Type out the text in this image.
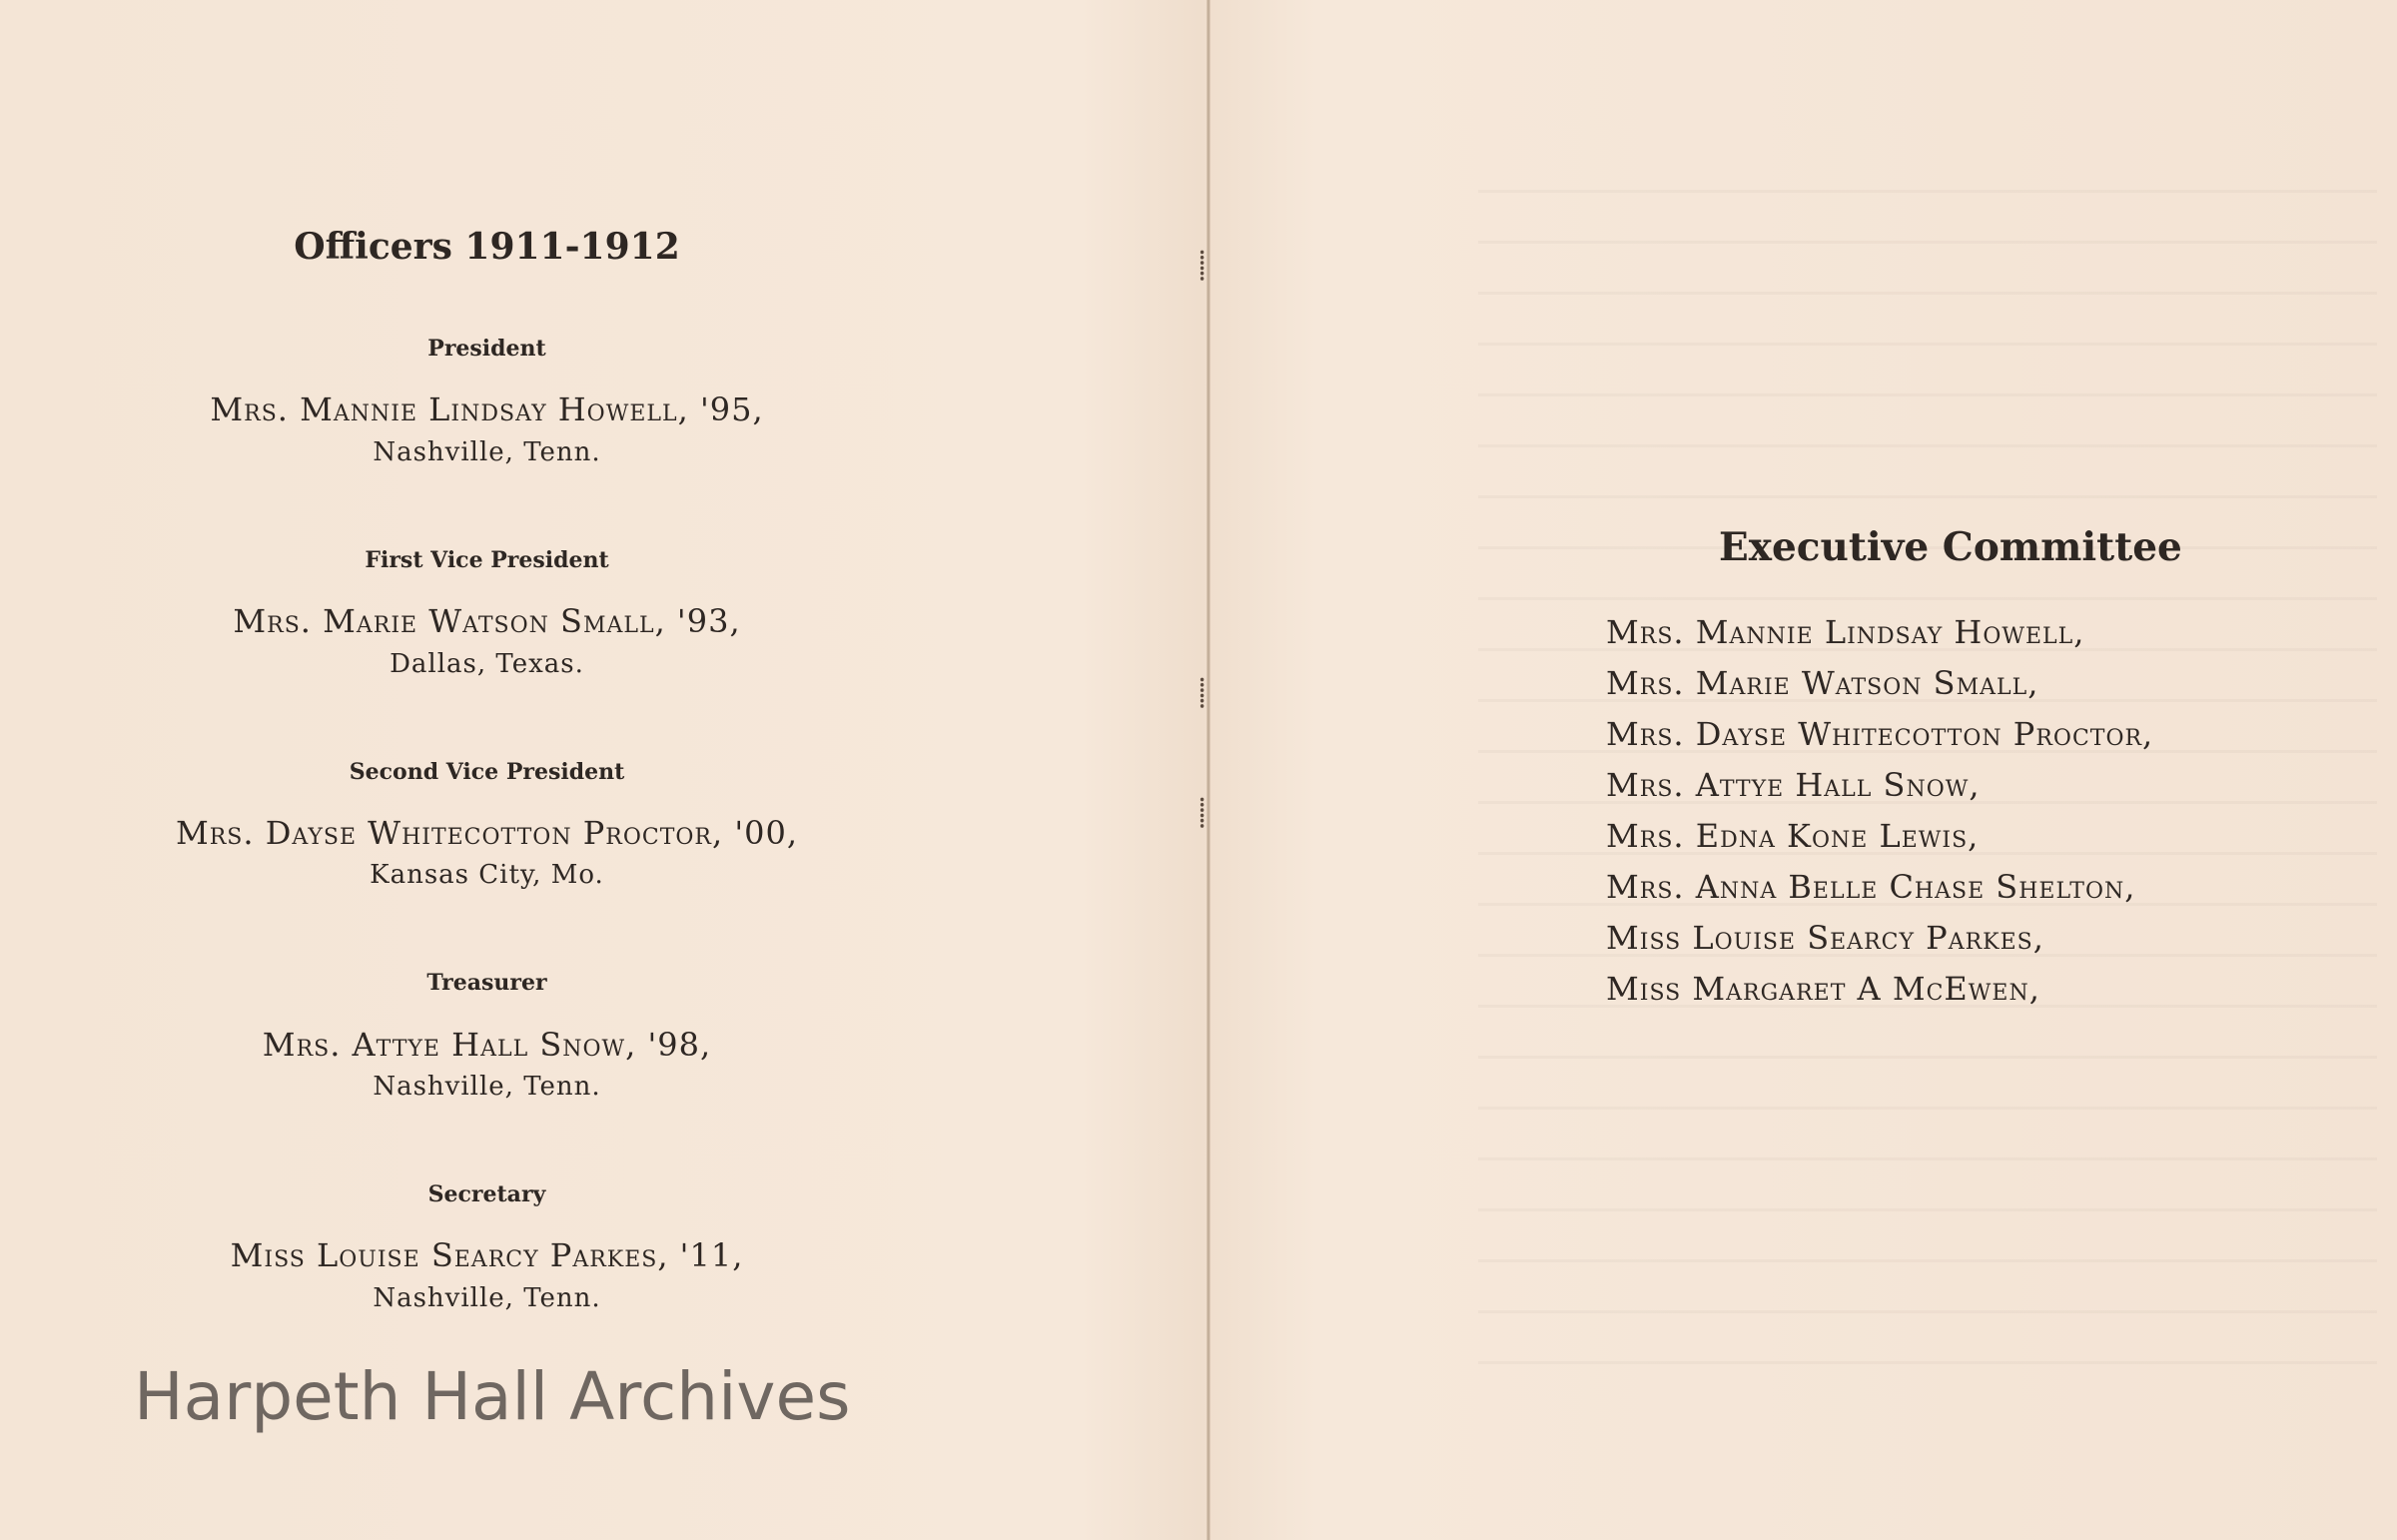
⸽
⸽
⸽
Officers 1911-1912

President

Mrs. Mannie Lindsay Howell, '95,

Nashville, Tenn.

First Vice President

Mrs. Marie Watson Small, '93,

Dallas, Texas.

Second Vice President

Mrs. Dayse Whitecotton Proctor, '00,

Kansas City, Mo.

Treasurer

Mrs. Attye Hall Snow, '98,

Nashville, Tenn.

Secretary

Miss Louise Searcy Parkes, '11,

Nashville, Tenn.

Executive Committee

Mrs. Mannie Lindsay Howell,

Mrs. Marie Watson Small,

Mrs. Dayse Whitecotton Proctor,

Mrs. Attye Hall Snow,

Mrs. Edna Kone Lewis,

Mrs. Anna Belle Chase Shelton,

Miss Louise Searcy Parkes,

Miss Margaret A McEwen,

Harpeth Hall Archives
